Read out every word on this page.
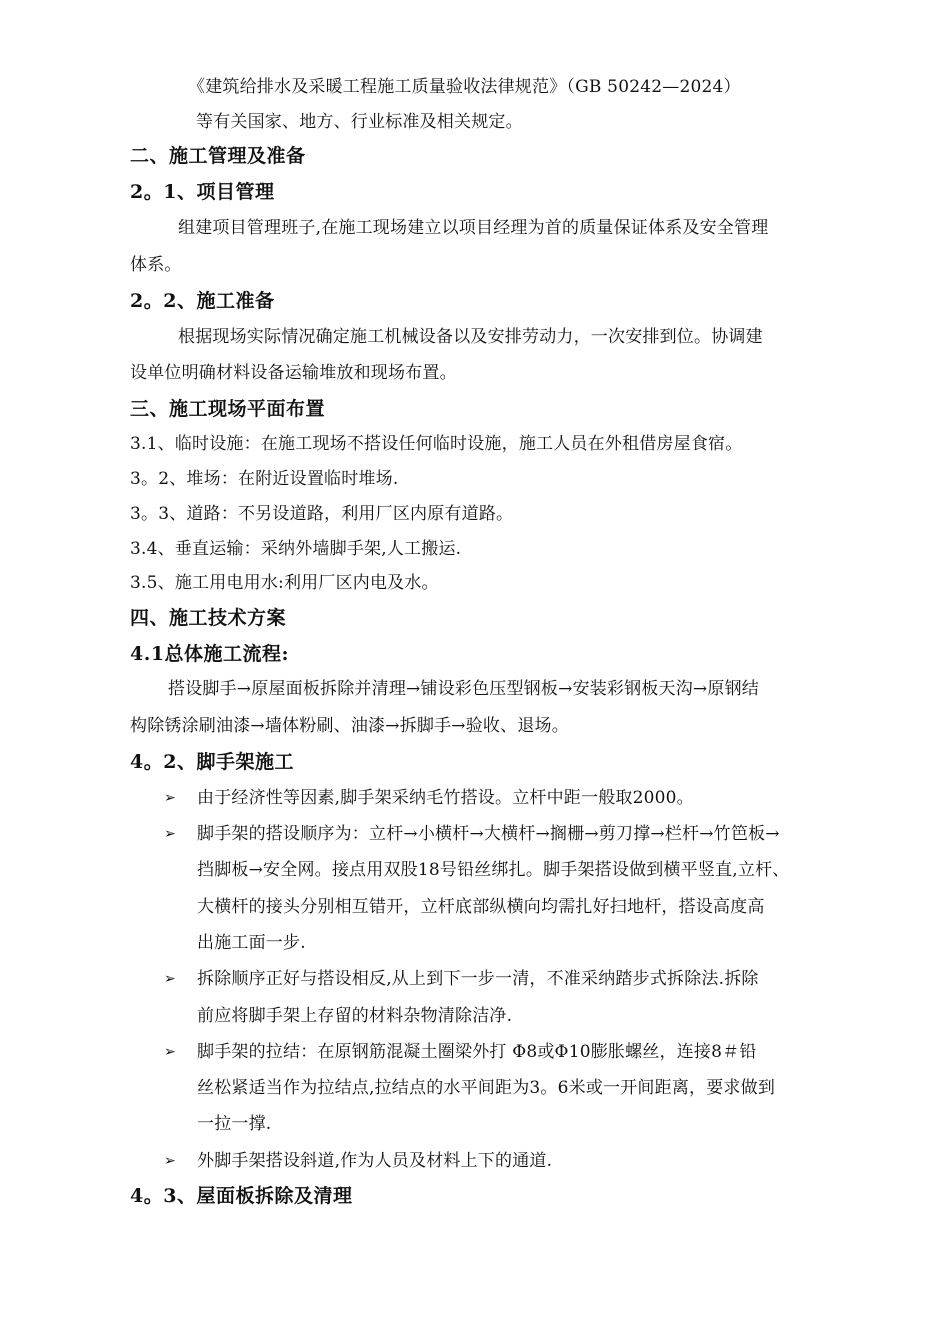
《建筑给排水及采暖工程施工质量验收法律规范》（GB 50242—2024）
等有关国家、地方、行业标准及相关规定。
二、施工管理及准备
2。1、项目管理
组建项目管理班子,在施工现场建立以项目经理为首的质量保证体系及安全管理
体系。
2。2、施工准备
根据现场实际情况确定施工机械设备以及安排劳动力，一次安排到位。协调建
设单位明确材料设备运输堆放和现场布置。
三、施工现场平面布置
3.1、临时设施：在施工现场不搭设任何临时设施，施工人员在外租借房屋食宿。
3。2、堆场：在附近设置临时堆场.
3。3、道路：不另设道路，利用厂区内原有道路。
3.4、垂直运输：采纳外墙脚手架,人工搬运.
3.5、施工用电用水:利用厂区内电及水。
四、施工技术方案
4.1总体施工流程:
搭设脚手→原屋面板拆除并清理→铺设彩色压型钢板→安装彩钢板天沟→原钢结
构除锈涂刷油漆→墙体粉刷、油漆→拆脚手→验收、退场。
4。2、脚手架施工
➢ 由于经济性等因素,脚手架采纳毛竹搭设。立杆中距一般取2000。
➢ 脚手架的搭设顺序为：立杆→小横杆→大横杆→搁栅→剪刀撑→栏杆→竹笆板→
挡脚板→安全网。接点用双股18号铅丝绑扎。脚手架搭设做到横平竖直,立杆、
大横杆的接头分别相互错开，立杆底部纵横向均需扎好扫地杆，搭设高度高
出施工面一步.
➢ 拆除顺序正好与搭设相反,从上到下一步一清，不准采纳踏步式拆除法.拆除
前应将脚手架上存留的材料杂物清除洁净.
➢ 脚手架的拉结：在原钢筋混凝土圈梁外打 Φ8或Φ10膨胀螺丝，连接8＃铅
丝松紧适当作为拉结点,拉结点的水平间距为3。6米或一开间距离，要求做到
一拉一撑.
➢ 外脚手架搭设斜道,作为人员及材料上下的通道.
4。3、屋面板拆除及清理
